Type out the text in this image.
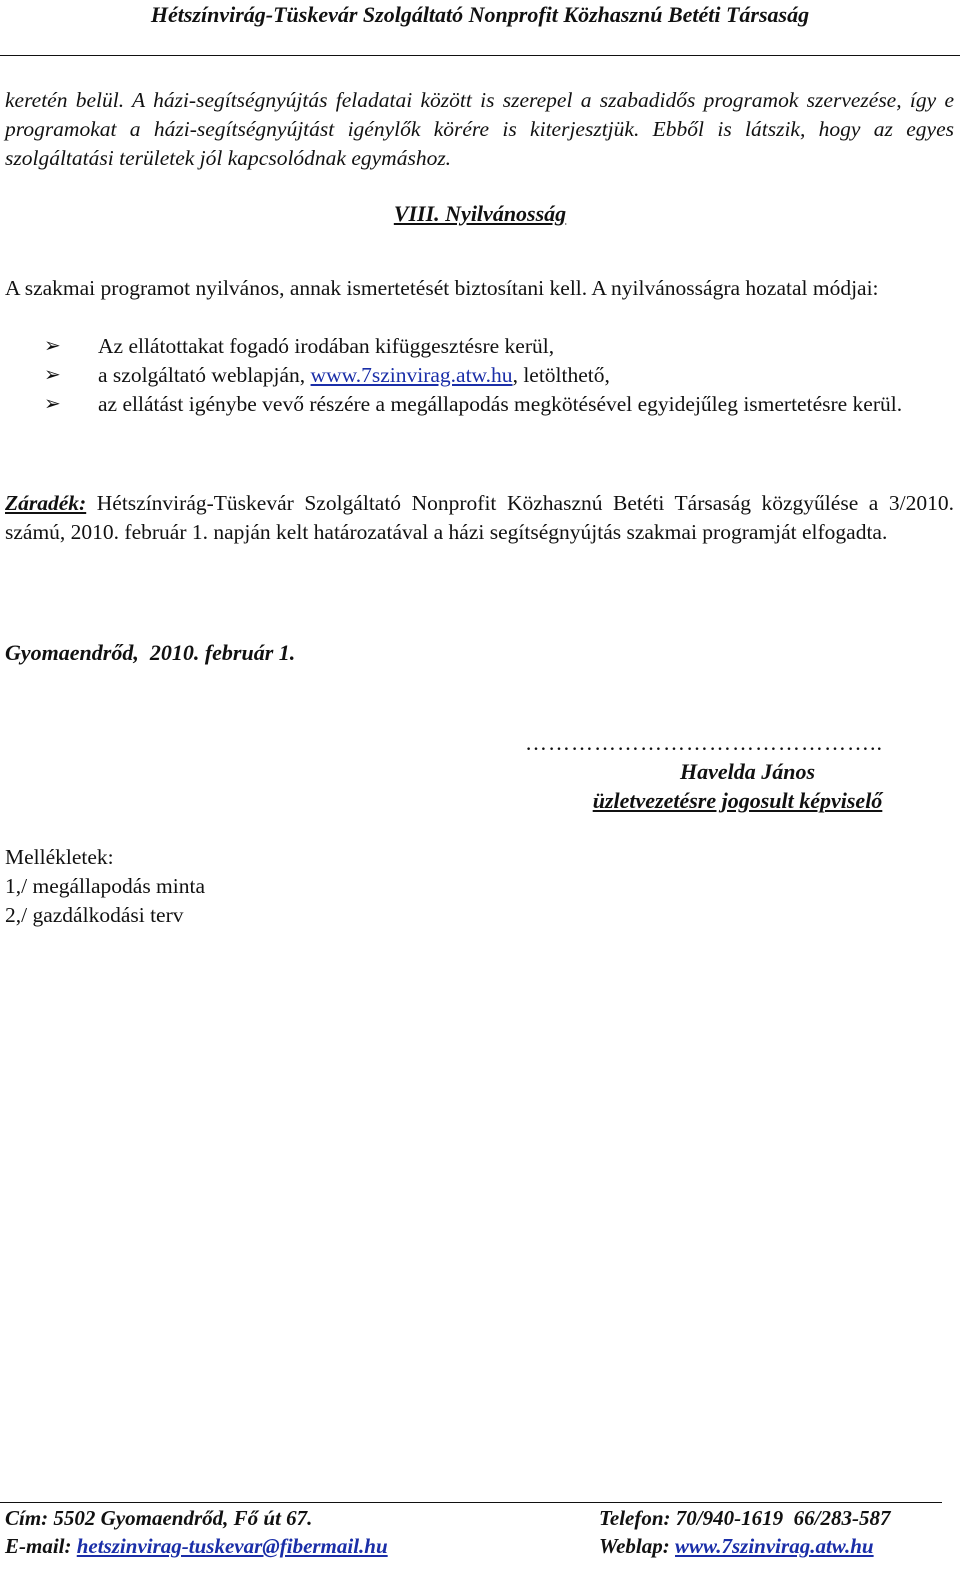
Hétszínvirág-Tüskevár Szolgáltató Nonprofit Közhasznú Betéti Társaság

keretén belül. A házi-segítségnyújtás feladatai között is szerepel a szabadidős programok szervezése, így e programokat a házi-segítségnyújtást igénylők körére is kiterjesztjük. Ebből is látszik, hogy az egyes szolgáltatási területek jól kapcsolódnak egymáshoz.

VIII. Nyilvánosság

A szakmai programot nyilvános, annak ismertetését biztosítani kell. A nyilvánosságra hozatal módjai:

➢ Az ellátottakat fogadó irodában kifüggesztésre kerül,
➢ a szolgáltató weblapján, www.7szinvirag.atw.hu, letölthető,
➢ az ellátást igénybe vevő részére a megállapodás megkötésével egyidejűleg ismertetésre kerül.

Záradék: Hétszínvirág-Tüskevár Szolgáltató Nonprofit Közhasznú Betéti Társaság közgyűlése a 3/2010. számú, 2010. február 1. napján kelt határozatával a házi segítségnyújtás szakmai programját elfogadta.

Gyomaendrőd,  2010. február 1.
………………………………………..
Havelda János
üzletvezetésre jogosult képviselő
Mellékletek:
1,/ megállapodás minta
2,/ gazdálkodási terv
Cím: 5502 Gyomaendrőd, Fő út 67.	Telefon: 70/940-1619  66/283-587
E-mail: hetszinvirag-tuskevar@fibermail.hu	Weblap: www.7szinvirag.atw.hu
